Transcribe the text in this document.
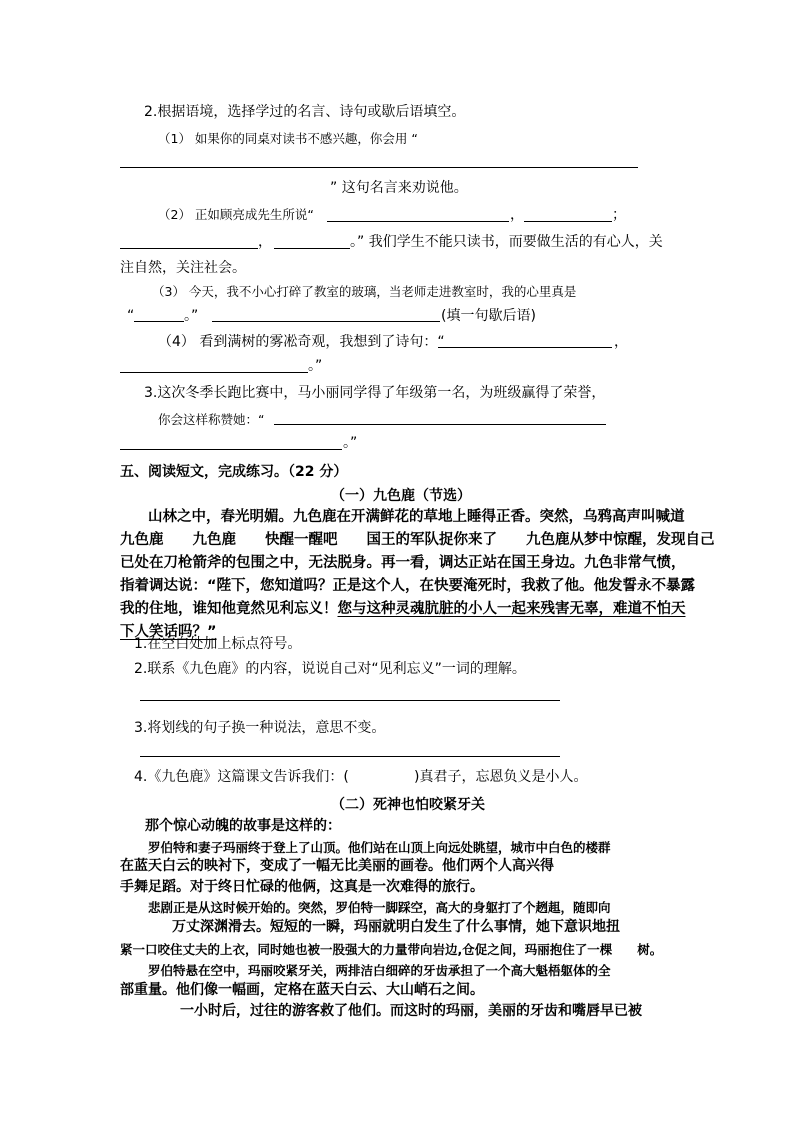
2.根据语境，选择学过的名言、诗句或歇后语填空。
（1） 如果你的同桌对读书不感兴趣，你会用 “
” 这句名言来劝说他。
（2） 正如顾亮成先生所说“	，	；
，	。” 我们学生不能只读书，而要做生活的有心人，关
注自然，关注社会。
（3） 今天，我不小心打碎了教室的玻璃，当老师走进教室时，我的心里真是
“	。”	(填一句歇后语)
（4） 看到满树的雾凇奇观，我想到了诗句：“	，
。”
3.这次冬季长跑比赛中，马小丽同学得了年级第一名，为班级赢得了荣誉，
你会这样称赞她：“
。”
五、阅读短文，完成练习。（22 分）
（一）九色鹿（节选）
山林之中，春光明媚。九色鹿在开满鲜花的草地上睡得正香。突然，乌鸦高声叫喊道
九色鹿　　九色鹿　　快醒一醒吧　　国王的军队捉你来了　　九色鹿从梦中惊醒，发现自己
已处在刀枪箭斧的包围之中，无法脱身。再一看，调达正站在国王身边。九色非常气愤，
指着调达说：“陛下，您知道吗？正是这个人，在快要淹死时，我救了他。他发誓永不暴露
我的住地，谁知他竟然见利忘义！您与这种灵魂肮脏的小人一起来残害无辜，难道不怕天
下人笑话吗？”
1.在空白处加上标点符号。
2.联系《九色鹿》的内容，说说自己对“见利忘义”一词的理解。
3.将划线的句子换一种说法，意思不变。
4.《九色鹿》这篇课文告诉我们：(	)真君子，忘恩负义是小人。
（二）死神也怕咬紧牙关
那个惊心动魄的故事是这样的：
罗伯特和妻子玛丽终于登上了山顶。他们站在山顶上向远处眺望，城市中白色的楼群
在蓝天白云的映衬下，变成了一幅无比美丽的画卷。他们两个人高兴得
手舞足蹈。对于终日忙碌的他俩，这真是一次难得的旅行。
悲剧正是从这时候开始的。突然，罗伯特一脚踩空，高大的身躯打了个趔趄，随即向
万丈深渊滑去。短短的一瞬，玛丽就明白发生了什么事情，她下意识地扭
紧一口咬住丈夫的上衣，同时她也被一股强大的力量带向岩边,仓促之间，玛丽抱住了一棵　　树。
罗伯特悬在空中，玛丽咬紧牙关，两排洁白细碎的牙齿承担了一个高大魁梧躯体的全
部重量。他们像一幅画，定格在蓝天白云、大山峭石之间。
一小时后，过往的游客救了他们。而这时的玛丽，美丽的牙齿和嘴唇早已被
